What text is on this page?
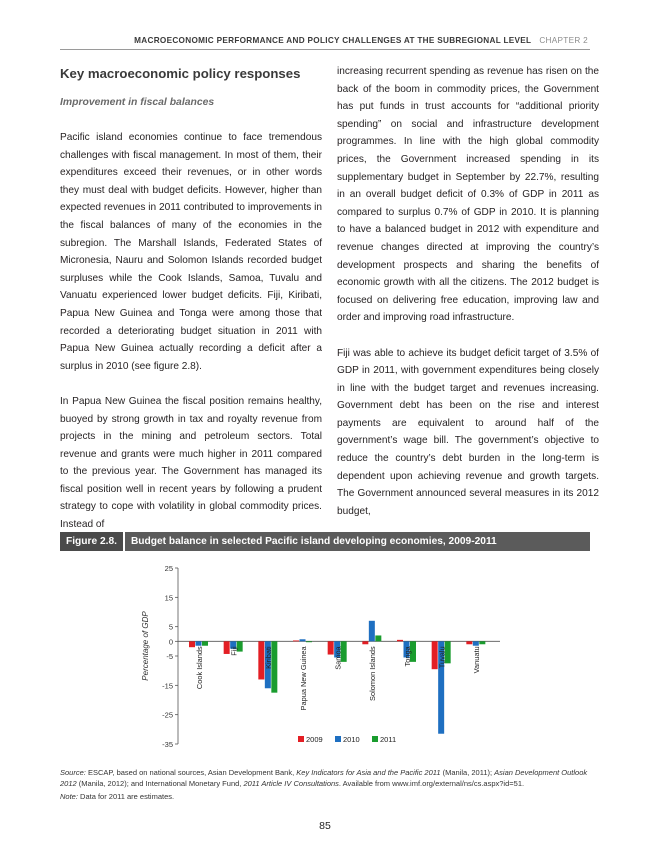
MACROECONOMIC PERFORMANCE AND POLICY CHALLENGES AT THE SUBREGIONAL LEVEL CHAPTER 2
Key macroeconomic policy responses
Improvement in fiscal balances

Pacific island economies continue to face tremendous challenges with fiscal management. In most of them, their expenditures exceed their revenues, or in other words they must deal with budget deficits. However, higher than expected revenues in 2011 contributed to improvements in the fiscal balances of many of the economies in the subregion. The Marshall Islands, Federated States of Micronesia, Nauru and Solomon Islands recorded budget surpluses while the Cook Islands, Samoa, Tuvalu and Vanuatu experienced lower budget deficits. Fiji, Kiribati, Papua New Guinea and Tonga were among those that recorded a deteriorating budget situation in 2011 with Papua New Guinea actually recording a deficit after a surplus in 2010 (see figure 2.8).

In Papua New Guinea the fiscal position remains healthy, buoyed by strong growth in tax and royalty revenue from projects in the mining and petroleum sectors. Total revenue and grants were much higher in 2011 compared to the previous year. The Government has managed its fiscal position well in recent years by following a prudent strategy to cope with volatility in global commodity prices. Instead of

increasing recurrent spending as revenue has risen on the back of the boom in commodity prices, the Government has put funds in trust accounts for “additional priority spending” on social and infrastructure development programmes. In line with the high global commodity prices, the Government increased spending in its supplementary budget in September by 22.7%, resulting in an overall budget deficit of 0.3% of GDP in 2011 as compared to surplus 0.7% of GDP in 2010. It is planning to have a balanced budget in 2012 with expenditure and revenue changes directed at improving the country’s development prospects and sharing the benefits of economic growth with all the citizens. The 2012 budget is focused on delivering free education, improving law and order and improving road infrastructure.

Fiji was able to achieve its budget deficit target of 3.5% of GDP in 2011, with government expenditures being closely in line with the budget target and revenues increasing. Government debt has been on the rise and interest payments are equivalent to around half of the government’s wage bill. The government’s objective to reduce the country’s debt burden in the long-term is dependent upon achieving revenue and growth targets. The Government announced several measures in its 2012 budget,

Figure 2.8. Budget balance in selected Pacific island developing economies, 2009-2011
25
15
5
0
-5
-15
-25
-35
Percentage of GDP	Cook Islands	Fiji	Kiribati	Papua New Guinea	Samoa	Solomon Islands	Tonga	Tuvalu	Vanuatu
2009	2010	2011
Source: ESCAP, based on national sources, Asian Development Bank, Key Indicators for Asia and the Pacific 2011 (Manila, 2011); Asian Development Outlook 2012 (Manila, 2012); and International Monetary Fund, 2011 Article IV Consultations. Available from www.imf.org/external/ns/cs.aspx?id=51.
Note: Data for 2011 are estimates.
85
